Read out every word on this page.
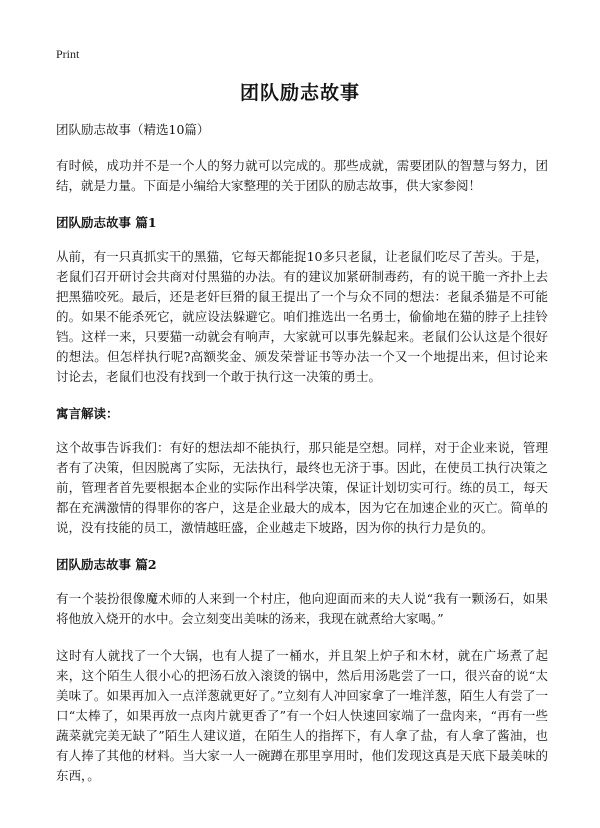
Print
团队励志故事

团队励志故事（精选10篇）

有时候，成功并不是一个人的努力就可以完成的。那些成就，需要团队的智慧与努力，团结，就是力量。下面是小编给大家整理的关于团队的励志故事，供大家参阅！

团队励志故事 篇1

从前，有一只真抓实干的黑猫，它每天都能捉10多只老鼠，让老鼠们吃尽了苦头。于是，老鼠们召开研讨会共商对付黑猫的办法。有的建议加紧研制毒药，有的说干脆一齐扑上去把黑猫咬死。最后，还是老奸巨猾的鼠王提出了一个与众不同的想法：老鼠杀猫是不可能的。如果不能杀死它，就应设法躲避它。咱们推选出一名勇士，偷偷地在猫的脖子上挂铃铛。这样一来，只要猫一动就会有响声，大家就可以事先躲起来。老鼠们公认这是个很好的想法。但怎样执行呢?高额奖金、颁发荣誉证书等办法一个又一个地提出来，但讨论来讨论去，老鼠们也没有找到一个敢于执行这一决策的勇士。

寓言解读：

这个故事告诉我们：有好的想法却不能执行，那只能是空想。同样，对于企业来说，管理者有了决策，但因脱离了实际，无法执行，最终也无济于事。因此，在使员工执行决策之前，管理者首先要根据本企业的实际作出科学决策，保证计划切实可行。练的员工，每天都在充满激情的得罪你的客户，这是企业最大的成本，因为它在加速企业的灭亡。简单的说，没有技能的员工，激情越旺盛，企业越走下坡路，因为你的执行力是负的。

团队励志故事 篇2

有一个装扮很像魔术师的人来到一个村庄，他向迎面而来的夫人说“我有一颗汤石，如果将他放入烧开的水中。会立刻变出美味的汤来，我现在就煮给大家喝。”

这时有人就找了一个大锅，也有人提了一桶水，并且架上炉子和木材，就在广场煮了起来，这个陌生人很小心的把汤石放入滚烫的锅中，然后用汤匙尝了一口，很兴奋的说“太美味了。如果再加入一点洋葱就更好了。”立刻有人冲回家拿了一堆洋葱，陌生人有尝了一口“太棒了，如果再放一点肉片就更香了”有一个妇人快速回家端了一盘肉来，“再有一些蔬菜就完美无缺了”陌生人建议道，在陌生人的指挥下，有人拿了盐，有人拿了酱油，也有人捧了其他的材料。当大家一人一碗蹲在那里享用时，他们发现这真是天底下最美味的东西，。
